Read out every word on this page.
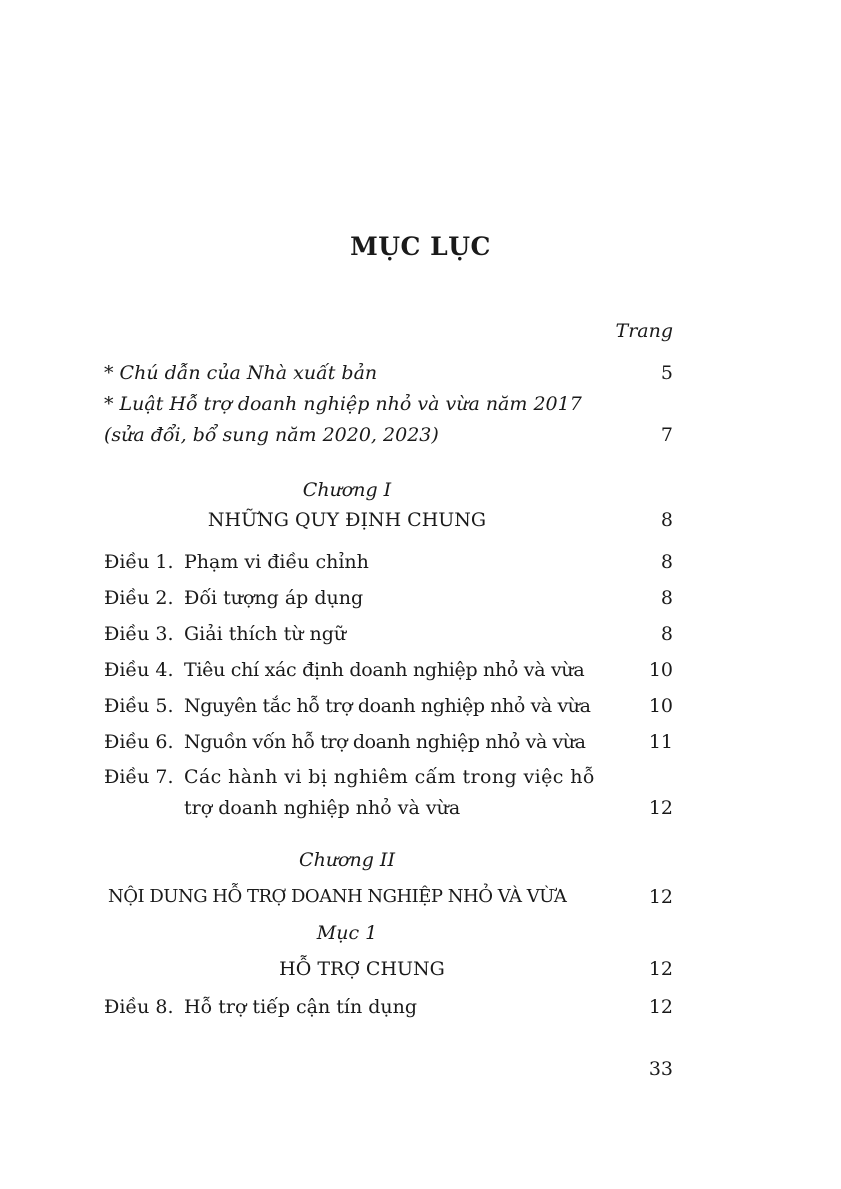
MỤC LỤC
Trang
* Chú dẫn của Nhà xuất bản	5
* Luật Hỗ trợ doanh nghiệp nhỏ và vừa năm 2017
(sửa đổi, bổ sung năm 2020, 2023)	7
Chương I
NHỮNG QUY ĐỊNH CHUNG	8
Điều 1. Phạm vi điều chỉnh	8
Điều 2. Đối tượng áp dụng	8
Điều 3. Giải thích từ ngữ	8
Điều 4. Tiêu chí xác định doanh nghiệp nhỏ và vừa	10
Điều 5. Nguyên tắc hỗ trợ doanh nghiệp nhỏ và vừa	10
Điều 6. Nguồn vốn hỗ trợ doanh nghiệp nhỏ và vừa	11
Điều 7. Các hành vi bị nghiêm cấm trong việc hỗ
trợ doanh nghiệp nhỏ và vừa	12
Chương II
NỘI DUNG HỖ TRỢ DOANH NGHIỆP NHỎ VÀ VỪA	12
Mục 1
HỖ TRỢ CHUNG	12
Điều 8. Hỗ trợ tiếp cận tín dụng	12
33
